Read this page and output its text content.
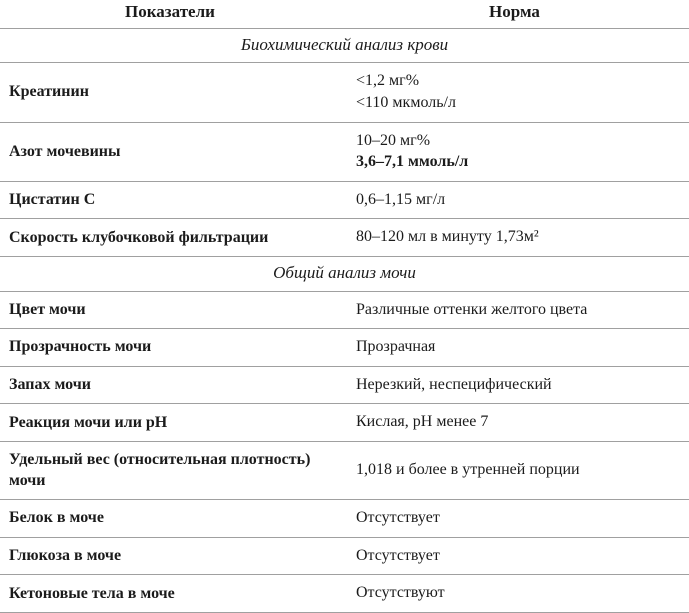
Показатели	Норма
Биохимический анализ крови	
Креатинин	<1,2 мг%
<110 мкмоль/л

Азот мочевины	10–20 мг%
3,6–7,1 ммоль/л

Цистатин С	0,6–1,15 мг/л

Скорость клубочковой фильтрации	80–120 мл в минуту 1,73м²

Общий анализ мочи	
Цвет мочи	Различные оттенки желтого цвета

Прозрачность мочи	Прозрачная

Запах мочи	Нерезкий, неспецифический

Реакция мочи или pH	Кислая, pH менее 7

Удельный вес (относительная плотность) мочи	1,018 и более в утренней порции

Белок в моче	Отсутствует

Глюкоза в моче	Отсутствует

Кетоновые тела в моче	Отсутствуют
